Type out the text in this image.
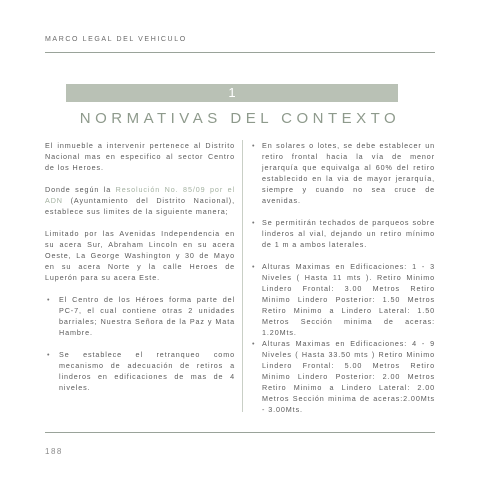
MARCO LEGAL DEL VEHICULO
1
NORMATIVAS DEL CONTEXTO

El inmueble a intervenir pertenece al Distrito Nacional mas en especifico al sector Centro de los Heroes.

Donde según la Resolución No. 85/09 por el ADN (Ayuntamiento del Distrito Nacional), establece sus limites de la siguiente manera;

Limitado por las Avenidas Independencia en su acera Sur, Abraham Lincoln en su acera Oeste, La George Washington y 30 de Mayo en su acera Norte y la calle Heroes de Luperón para su acera Este.

• El Centro de los Héroes forma parte del PC-7, el cual contiene otras 2 unidades barriales; Nuestra Señora de la Paz y Mata Hambre.
• Se establece el retranqueo como mecanismo de adecuación de retiros a linderos en edificaciones de mas de 4 niveles.
• En solares o lotes, se debe establecer un retiro frontal hacia la vía de menor jerarquía que equivalga al 60% del retiro establecido en la via de mayor jerarquía, siempre y cuando no sea cruce de avenidas.
• Se permitirán techados de parqueos sobre linderos al vial, dejando un retiro mínimo de 1 m a ambos laterales.
• Alturas Maximas en Edificaciones: 1 - 3 Niveles ( Hasta 11 mts ). Retiro Minimo Lindero Frontal: 3.00 Metros Retiro Minimo Lindero Posterior: 1.50 Metros Retiro Minimo a Lindero Lateral: 1.50 Metros Sección minima de aceras: 1.20Mts.
• Alturas Maximas en Edificaciones: 4 - 9 Niveles ( Hasta 33.50 mts ) Retiro Minimo Lindero Frontal: 5.00 Metros Retiro Minimo Lindero Posterior: 2.00 Metros Retiro Minimo a Lindero Lateral: 2.00 Metros Sección minima de aceras:2.00Mts - 3.00Mts.
188
